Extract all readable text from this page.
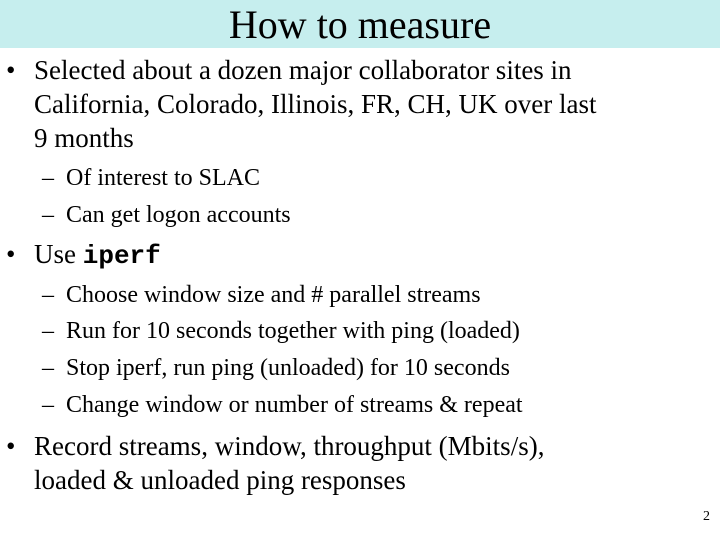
How to measure
• Selected about a dozen major collaborator sites in
California, Colorado, Illinois, FR, CH, UK over last
9 months
– Of interest to SLAC
– Can get logon accounts
• Use iperf
– Choose window size and # parallel streams
– Run for 10 seconds together with ping (loaded)
– Stop iperf, run ping (unloaded) for 10 seconds
– Change window or number of streams & repeat
• Record streams, window, throughput (Mbits/s),
loaded & unloaded ping responses
2
